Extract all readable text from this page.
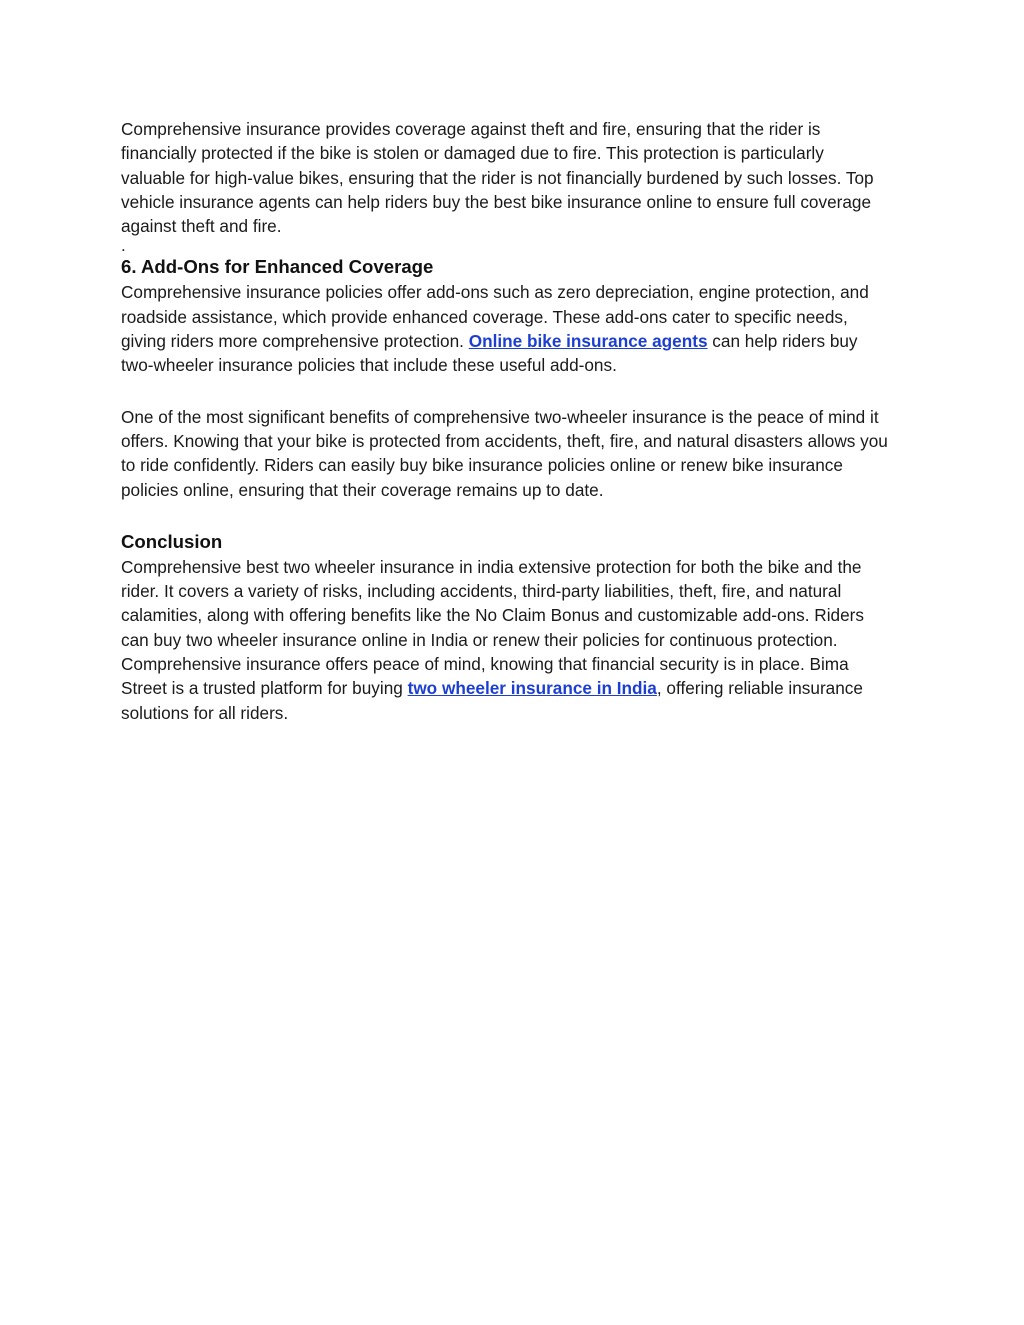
Comprehensive insurance provides coverage against theft and fire, ensuring that the rider is financially protected if the bike is stolen or damaged due to fire. This protection is particularly valuable for high-value bikes, ensuring that the rider is not financially burdened by such losses. Top vehicle insurance agents can help riders buy the best bike insurance online to ensure full coverage against theft and fire.

.

6. Add-Ons for Enhanced Coverage

Comprehensive insurance policies offer add-ons such as zero depreciation, engine protection, and roadside assistance, which provide enhanced coverage. These add-ons cater to specific needs, giving riders more comprehensive protection. Online bike insurance agents can help riders buy two-wheeler insurance policies that include these useful add-ons.

One of the most significant benefits of comprehensive two-wheeler insurance is the peace of mind it offers. Knowing that your bike is protected from accidents, theft, fire, and natural disasters allows you to ride confidently. Riders can easily buy bike insurance policies online or renew bike insurance policies online, ensuring that their coverage remains up to date.

Conclusion

Comprehensive best two wheeler insurance in india extensive protection for both the bike and the rider. It covers a variety of risks, including accidents, third-party liabilities, theft, fire, and natural calamities, along with offering benefits like the No Claim Bonus and customizable add-ons. Riders can buy two wheeler insurance online in India or renew their policies for continuous protection. Comprehensive insurance offers peace of mind, knowing that financial security is in place. Bima Street is a trusted platform for buying two wheeler insurance in India, offering reliable insurance solutions for all riders.
